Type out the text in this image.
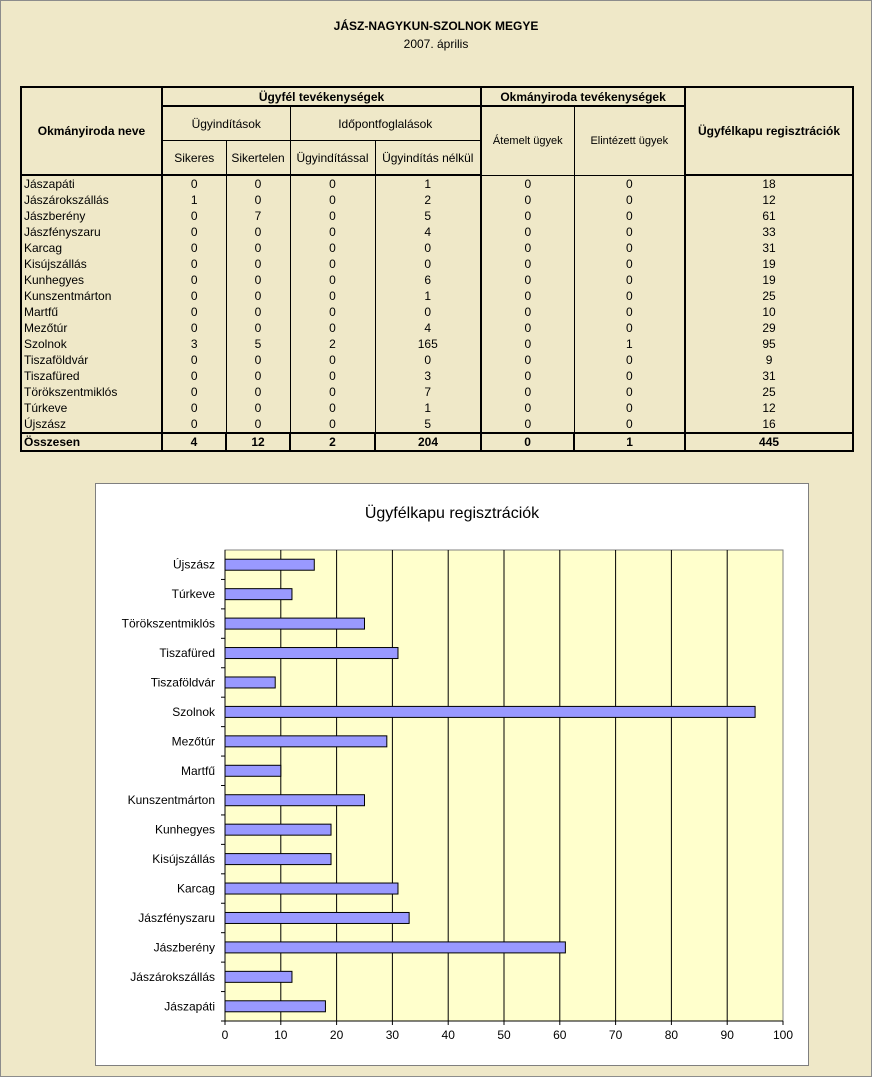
JÁSZ-NAGYKUN-SZOLNOK MEGYE
2007. április
Okmányiroda neve	Ügyfél tevékenységek				Okmányiroda tevékenységek		Ügyfélkapu regisztrációk
	Ügyindítások		Időpontfoglalások		Átemelt ügyek	Elintézett ügyek	
	Sikeres	Sikertelen	Ügyindítással	Ügyindítás nélkül			
Jászapáti	0	0	0	1	0	0	18
Jászárokszállás	1	0	0	2	0	0	12
Jászberény	0	7	0	5	0	0	61
Jászfényszaru	0	0	0	4	0	0	33
Karcag	0	0	0	0	0	0	31
Kisújszállás	0	0	0	0	0	0	19
Kunhegyes	0	0	0	6	0	0	19
Kunszentmárton	0	0	0	1	0	0	25
Martfű	0	0	0	0	0	0	10
Mezőtúr	0	0	0	4	0	0	29
Szolnok	3	5	2	165	0	1	95
Tiszaföldvár	0	0	0	0	0	0	9
Tiszafüred	0	0	0	3	0	0	31
Törökszentmiklós	0	0	0	7	0	0	25
Túrkeve	0	0	0	1	0	0	12
Újszász	0	0	0	5	0	0	16
Összesen	4	12	2	204	0	1	445
Ügyfélkapu regisztrációk
0	10	20	30	40	50	60	70	80	90	100
Jászapáti
Jászárokszállás
Jászberény
Jászfényszaru
Karcag
Kisújszállás
Kunhegyes
Kunszentmárton
Martfű
Mezőtúr
Szolnok
Tiszaföldvár
Tiszafüred
Törökszentmiklós
Túrkeve
Újszász
